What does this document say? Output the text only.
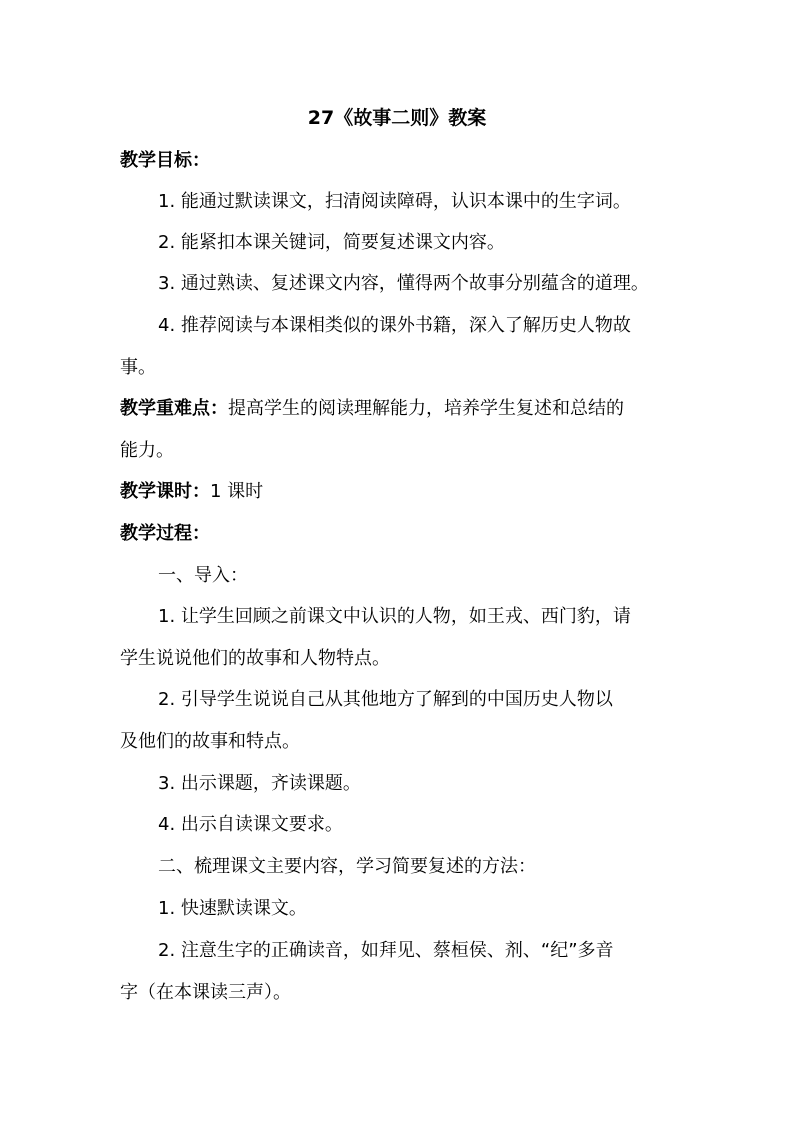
27《故事二则》教案
教学目标：
1. 能通过默读课文，扫清阅读障碍，认识本课中的生字词。
2. 能紧扣本课关键词，简要复述课文内容。
3. 通过熟读、复述课文内容，懂得两个故事分别蕴含的道理。
4. 推荐阅读与本课相类似的课外书籍，深入了解历史人物故
事。
教学重难点：提高学生的阅读理解能力，培养学生复述和总结的
能力。
教学课时：1 课时
教学过程：
一、导入：
1. 让学生回顾之前课文中认识的人物，如王戎、西门豹，请
学生说说他们的故事和人物特点。
2. 引导学生说说自己从其他地方了解到的中国历史人物以
及他们的故事和特点。
3. 出示课题，齐读课题。
4. 出示自读课文要求。
二、梳理课文主要内容，学习简要复述的方法：
1. 快速默读课文。
2. 注意生字的正确读音，如拜见、蔡桓侯、剂、“纪”多音
字（在本课读三声）。
